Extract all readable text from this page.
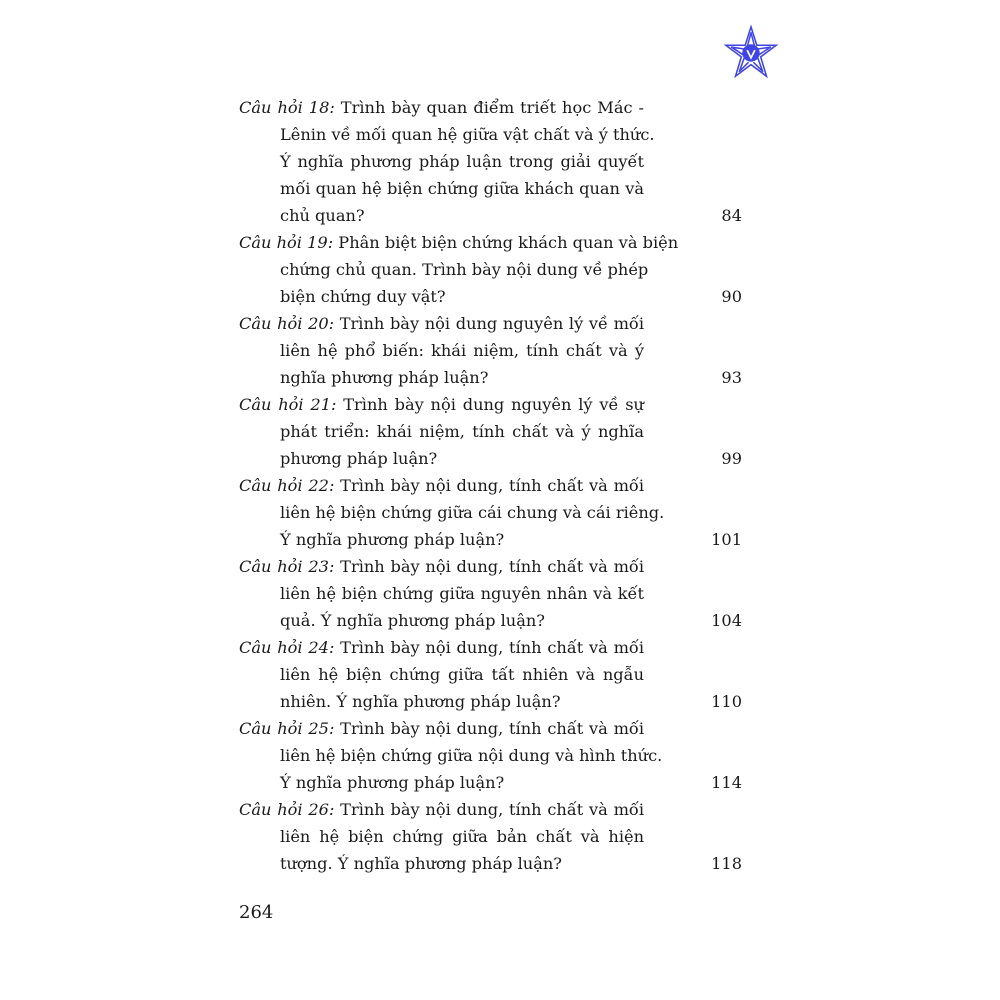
Câu hỏi 18: Trình bày quan điểm triết học Mác -
Lênin về mối quan hệ giữa vật chất và ý thức.
Ý nghĩa phương pháp luận trong giải quyết
mối quan hệ biện chứng giữa khách quan và
chủ quan?	84
Câu hỏi 19: Phân biệt biện chứng khách quan và biện
chứng chủ quan. Trình bày nội dung về phép
biện chứng duy vật?	90
Câu hỏi 20: Trình bày nội dung nguyên lý về mối
liên hệ phổ biến: khái niệm, tính chất và ý
nghĩa phương pháp luận?	93
Câu hỏi 21: Trình bày nội dung nguyên lý về sự
phát triển: khái niệm, tính chất và ý nghĩa
phương pháp luận?	99
Câu hỏi 22: Trình bày nội dung, tính chất và mối
liên hệ biện chứng giữa cái chung và cái riêng.
Ý nghĩa phương pháp luận?	101
Câu hỏi 23: Trình bày nội dung, tính chất và mối
liên hệ biện chứng giữa nguyên nhân và kết
quả. Ý nghĩa phương pháp luận?	104
Câu hỏi 24: Trình bày nội dung, tính chất và mối
liên hệ biện chứng giữa tất nhiên và ngẫu
nhiên. Ý nghĩa phương pháp luận?	110
Câu hỏi 25: Trình bày nội dung, tính chất và mối
liên hệ biện chứng giữa nội dung và hình thức.
Ý nghĩa phương pháp luận?	114
Câu hỏi 26: Trình bày nội dung, tính chất và mối
liên hệ biện chứng giữa bản chất và hiện
tượng. Ý nghĩa phương pháp luận?	118
264
